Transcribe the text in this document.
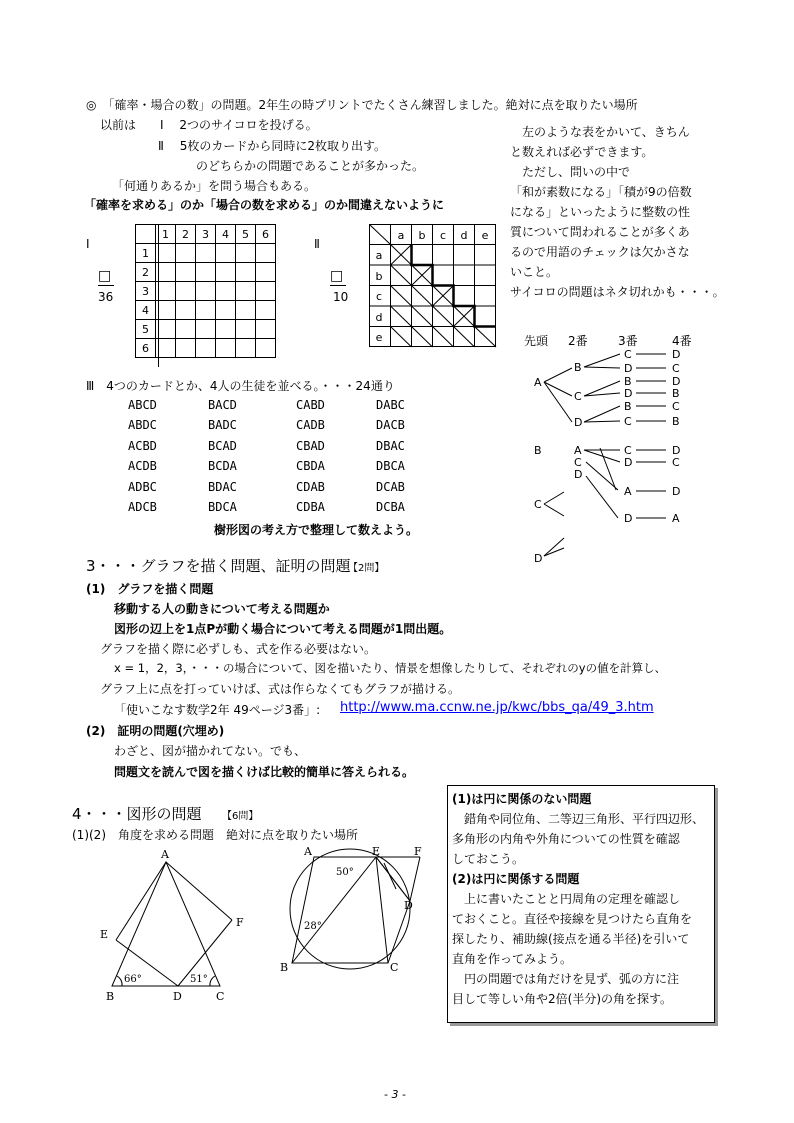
◎　「確率・場合の数」の問題。2年生の時プリントでたくさん練習しました。絶対に点を取りたい場所
以前は　　Ⅰ　 2つのサイコロを投げる。
Ⅱ　 5枚のカードから同時に2枚取り出す。
のどちらかの問題であることが多かった。
「何通りあるか」を問う場合もある。
「確率を求める」のか「場合の数を求める」のか間違えないように
左のような表をかいて、きちん
と数えれば必ずできます。
ただし、問いの中で
「和が素数になる」「積が9の倍数
になる」といったように整数の性
質について問われることが多くあ
るので用語のチェックは欠かさな
いこと。
サイコロの問題はネタ切れかも・・・。
Ⅰ
□
36
	1	2	3	4	5	6
1						
2						
3						
4						
5						
6						
Ⅱ
□
10
a b c d e
a
b
c
d
e
Ⅲ　4つのカードとか、4人の生徒を並べる。・・・24通り
ABCD	BACD	CABD	DABC
ABDC	BADC	CADB	DACB
ACBD	BCAD	CBAD	DBAC
ACDB	BCDA	CBDA	DBCA
ADBC	BDAC	CDAB	DCAB
ADCB	BDCA	CDBA	DCBA
樹形図の考え方で整理して数えよう。
先頭 2番	3番	4番
A
B
C
D
C
D
B
D
B
C
D
C
D
B
C
B
B	A
C
D
C
D
D
C
A	D
D	A
C
D
3・・・グラフを描く問題、証明の問題
【2問】
(1)　グラフを描く問題
移動する人の動きについて考える問題か
図形の辺上を1点Pが動く場合について考える問題が1問出題。
グラフを描く際に必ずしも、式を作る必要はない。
x = 1，2，3，・・・の場合について、図を描いたり、情景を想像したりして、それぞれのyの値を計算し、
グラフ上に点を打っていけば、式は作らなくてもグラフが描ける。
「使いこなす数学2年 49ページ3番」: http://www.ma.ccnw.ne.jp/kwc/bbs_qa/49_3.htm
(2)　証明の問題(穴埋め)
わざと、図が描かれてない。でも、
問題文を読んで図を描くけば比較的簡単に答えられる。
4・・・図形の問題 【6問】
(1)(2)　角度を求める問題　絶対に点を取りたい場所
A
E
F
B	D	C
66°	51°
A	E	F
D
B	C
50°
28°
(1)は円に関係のない問題
　錯角や同位角、二等辺三角形、平行四辺形、
多角形の内角や外角についての性質を確認
しておこう。
(2)は円に関係する問題
　上に書いたことと円周角の定理を確認し
ておくこと。直径や接線を見つけたら直角を
探したり、補助線(接点を通る半径)を引いて
直角を作ってみよう。
　円の問題では角だけを見ず、弧の方に注
目して等しい角や2倍(半分)の角を探す。
- 3 -
